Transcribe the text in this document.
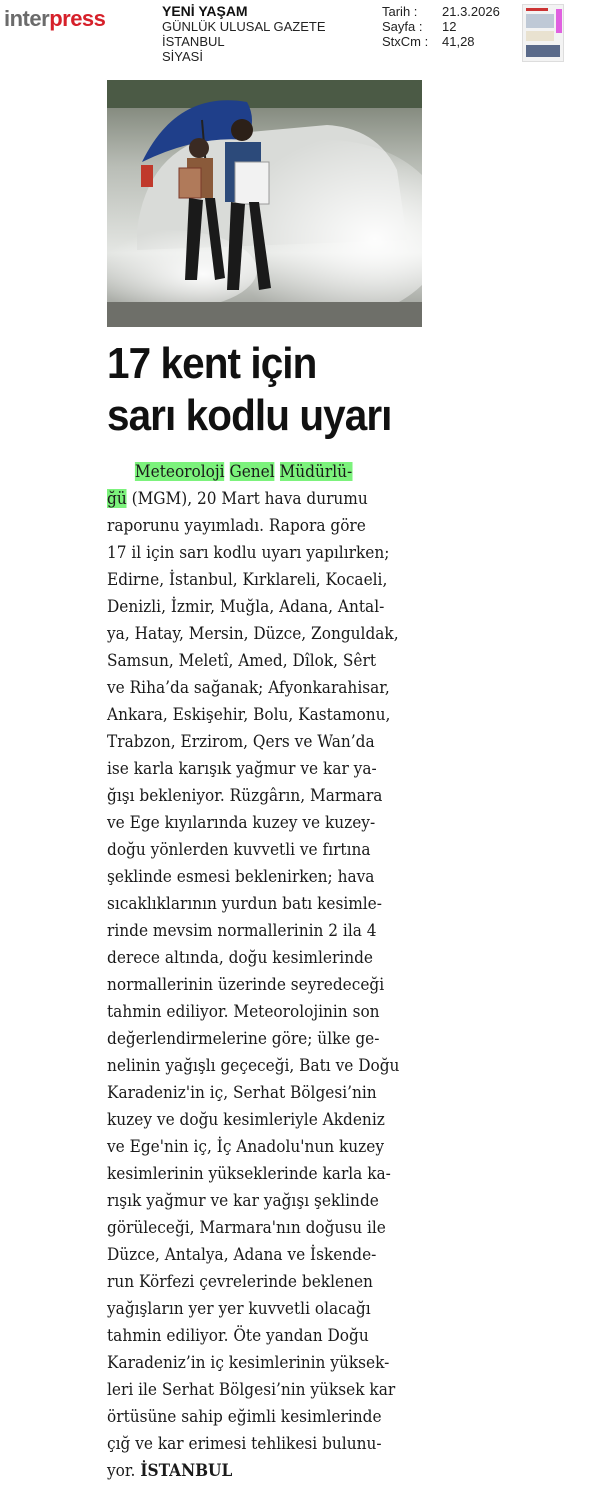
interpress	YENİ YAŞAM
GÜNLÜK ULUSAL GAZETE
İSTANBUL
SİYASİ
Tarih :	21.3.2026
Sayfa :	12
StxCm :	41,28
17 kent için
sarı kodlu uyarı
Meteoroloji Genel Müdürlü-
ğü (MGM), 20 Mart hava durumu
raporunu yayımladı. Rapora göre
17 il için sarı kodlu uyarı yapılırken;
Edirne, İstanbul, Kırklareli, Kocaeli,
Denizli, İzmir, Muğla, Adana, Antal-
ya, Hatay, Mersin, Düzce, Zonguldak,
Samsun, Meletî, Amed, Dîlok, Sêrt
ve Riha’da sağanak; Afyonkarahisar,
Ankara, Eskişehir, Bolu, Kastamonu,
Trabzon, Erzirom, Qers ve Wan’da
ise karla karışık yağmur ve kar ya-
ğışı bekleniyor. Rüzgârın, Marmara
ve Ege kıyılarında kuzey ve kuzey-
doğu yönlerden kuvvetli ve fırtına
şeklinde esmesi beklenirken; hava
sıcaklıklarının yurdun batı kesimle-
rinde mevsim normallerinin 2 ila 4
derece altında, doğu kesimlerinde
normallerinin üzerinde seyredeceği
tahmin ediliyor. Meteorolojinin son
değerlendirmelerine göre; ülke ge-
nelinin yağışlı geçeceği, Batı ve Doğu
Karadeniz'in iç, Serhat Bölgesi’nin
kuzey ve doğu kesimleriyle Akdeniz
ve Ege'nin iç, İç Anadolu'nun kuzey
kesimlerinin yükseklerinde karla ka-
rışık yağmur ve kar yağışı şeklinde
görüleceği, Marmara'nın doğusu ile
Düzce, Antalya, Adana ve İskende-
run Körfezi çevrelerinde beklenen
yağışların yer yer kuvvetli olacağı
tahmin ediliyor. Öte yandan Doğu
Karadeniz’in iç kesimlerinin yüksek-
leri ile Serhat Bölgesi’nin yüksek kar
örtüsüne sahip eğimli kesimlerinde
çığ ve kar erimesi tehlikesi bulunu-
yor. İSTANBUL
